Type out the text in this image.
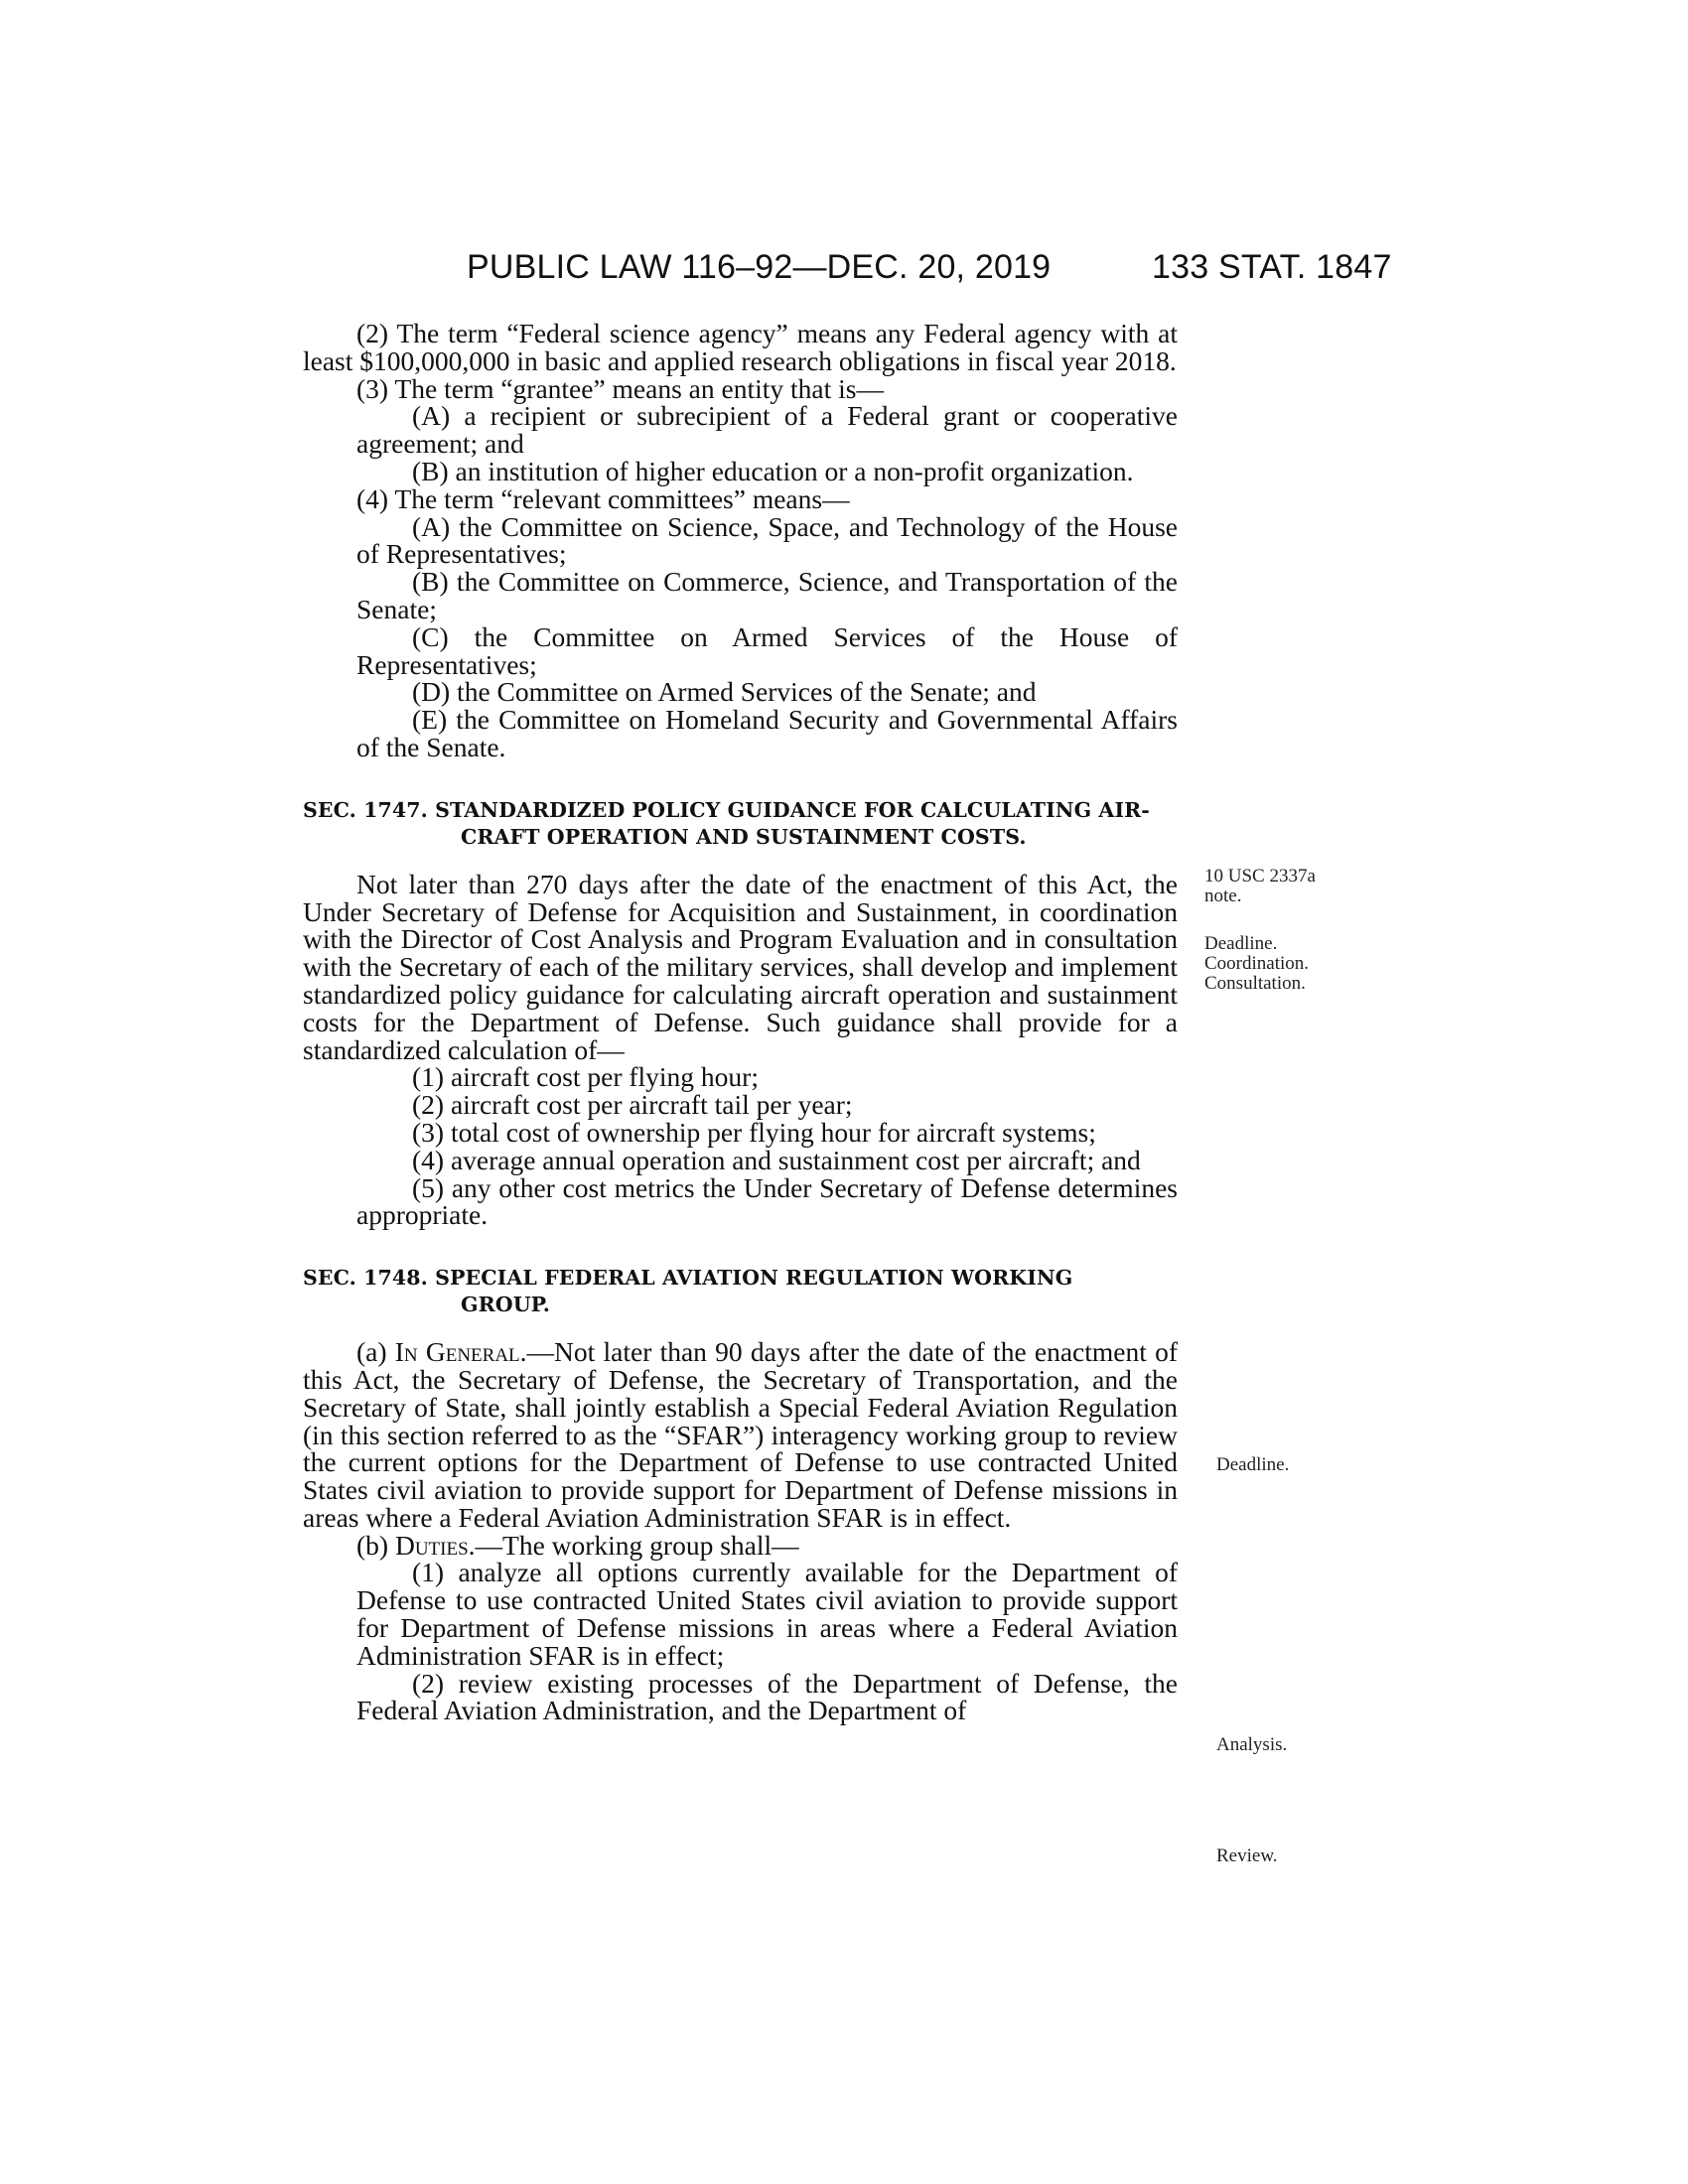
PUBLIC LAW 116–92—DEC. 20, 2019	133 STAT. 1847

(2) The term “Federal science agency” means any Federal agency with at least $100,000,000 in basic and applied research obligations in fiscal year 2018.

(3) The term “grantee” means an entity that is—

(A) a recipient or subrecipient of a Federal grant or cooperative agreement; and

(B) an institution of higher education or a non-profit organization.

(4) The term “relevant committees” means—

(A) the Committee on Science, Space, and Technology of the House of Representatives;

(B) the Committee on Commerce, Science, and Transportation of the Senate;

(C) the Committee on Armed Services of the House of Representatives;

(D) the Committee on Armed Services of the Senate; and

(E) the Committee on Homeland Security and Governmental Affairs of the Senate.

SEC. 1747. STANDARDIZED POLICY GUIDANCE FOR CALCULATING AIR-
CRAFT OPERATION AND SUSTAINMENT COSTS.

Not later than 270 days after the date of the enactment of this Act, the Under Secretary of Defense for Acquisition and Sustainment, in coordination with the Director of Cost Analysis and Program Evaluation and in consultation with the Secretary of each of the military services, shall develop and implement standardized policy guidance for calculating aircraft operation and sustainment costs for the Department of Defense. Such guidance shall provide for a standardized calculation of—

(1) aircraft cost per flying hour;

(2) aircraft cost per aircraft tail per year;

(3) total cost of ownership per flying hour for aircraft systems;

(4) average annual operation and sustainment cost per aircraft; and

(5) any other cost metrics the Under Secretary of Defense determines appropriate.

SEC. 1748. SPECIAL FEDERAL AVIATION REGULATION WORKING
GROUP.

(a) In General.—Not later than 90 days after the date of the enactment of this Act, the Secretary of Defense, the Secretary of Transportation, and the Secretary of State, shall jointly establish a Special Federal Aviation Regulation (in this section referred to as the “SFAR”) interagency working group to review the current options for the Department of Defense to use contracted United States civil aviation to provide support for Department of Defense missions in areas where a Federal Aviation Administration SFAR is in effect.

(b) Duties.—The working group shall—

(1) analyze all options currently available for the Department of Defense to use contracted United States civil aviation to provide support for Department of Defense missions in areas where a Federal Aviation Administration SFAR is in effect;

(2) review existing processes of the Department of Defense, the Federal Aviation Administration, and the Department of

10 USC 2337a
note.
Deadline.
Coordination.
Consultation.
Deadline.
Analysis.
Review.
